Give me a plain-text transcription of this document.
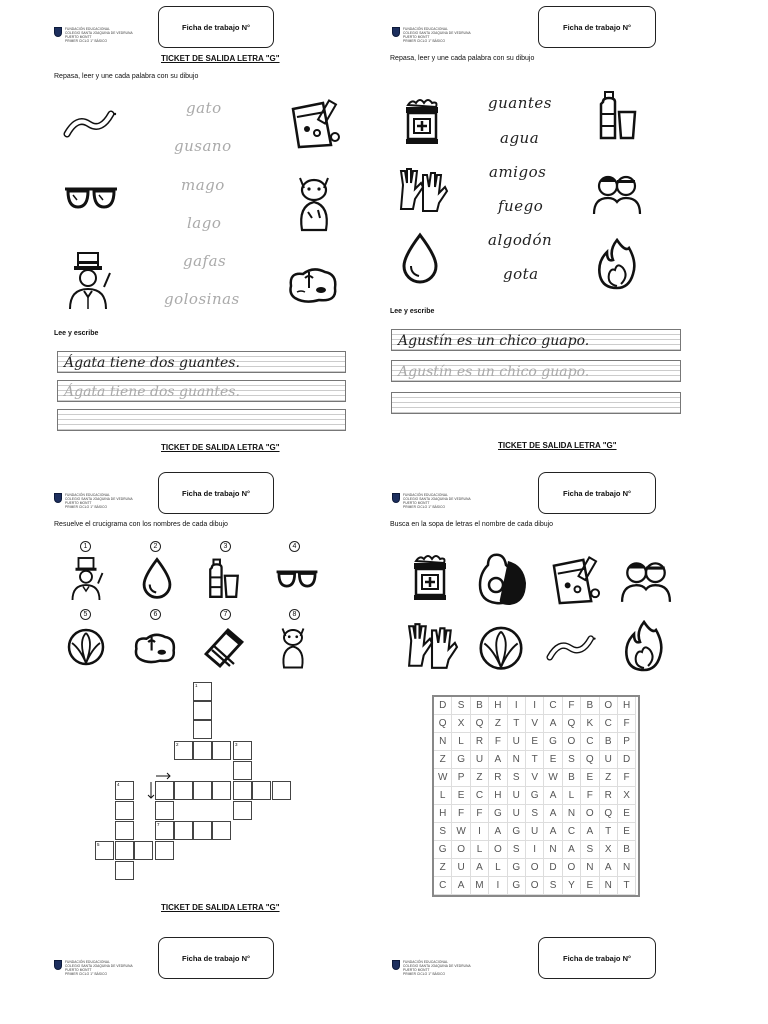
Ficha de trabajo N°	Ficha de trabajo N°
FUNDACIÓN EDUCACIONAL
COLEGIO SANTA JOAQUINA DE VEDRUNA
PUERTO MONTT
PRIMER CICLO 1° BÁSICO
FUNDACIÓN EDUCACIONAL
COLEGIO SANTA JOAQUINA DE VEDRUNA
PUERTO MONTT
PRIMER CICLO 1° BÁSICO
TICKET DE SALIDA LETRA "G"
Repasa, leer y une cada palabra con su dibujo
gato
gusano
mago
lago
gafas
golosinas
Lee y escribe
Ágata tiene dos guantes.
Ágata tiene dos guantes.
TICKET DE SALIDA LETRA "G"
Repasa, leer y une cada palabra con su dibujo
guantes
agua
amigos
fuego
algodón
gota
Lee y escribe
Agustín es un chico guapo.
Agustín es un chico guapo.
TICKET DE SALIDA LETRA "G"
Ficha de trabajo N°	Ficha de trabajo N°
FUNDACIÓN EDUCACIONAL
COLEGIO SANTA JOAQUINA DE VEDRUNA
PUERTO MONTT
PRIMER CICLO 1° BÁSICO
FUNDACIÓN EDUCACIONAL
COLEGIO SANTA JOAQUINA DE VEDRUNA
PUERTO MONTT
PRIMER CICLO 1° BÁSICO
Resuelve el crucigrama con los nombres de cada dibujo
1	2	3	4
5	6	7	8
1
2	3
4
7
5
TICKET DE SALIDA LETRA "G"
Busca en la sopa de letras el nombre de cada dibujo
D	S	B	H	I	I	C	F	B	O	H
Q	X	Q	Z	T	V	A	Q	K	C	F
N	L	R	F	U	E	G	O	C	B	P
Z	G	U	A	N	T	E	S	Q	U	D
W	P	Z	R	S	V	W	B	E	Z	F
L	E	C	H	U	G	A	L	F	R	X
H	F	F	G	U	S	A	N	O	Q	E
S	W	I	A	G	U	A	C	A	T	E
G	O	L	O	S	I	N	A	S	X	B
Z	U	A	L	G	O	D	O	N	A	N
C	A	M	I	G	O	S	Y	E	N	T
Ficha de trabajo N°	Ficha de trabajo N°
FUNDACIÓN EDUCACIONAL
COLEGIO SANTA JOAQUINA DE VEDRUNA
PUERTO MONTT
PRIMER CICLO 1° BÁSICO
FUNDACIÓN EDUCACIONAL
COLEGIO SANTA JOAQUINA DE VEDRUNA
PUERTO MONTT
PRIMER CICLO 1° BÁSICO
